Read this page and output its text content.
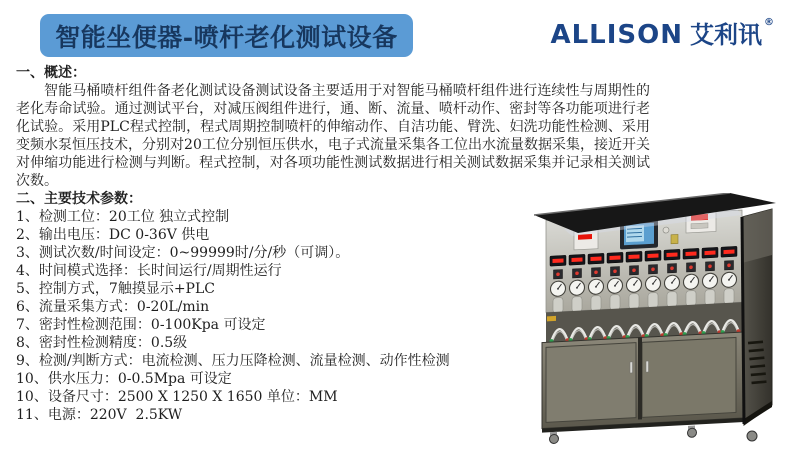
智能坐便器-喷杆老化测试设备	ALLISON 艾利讯 ®
一、概述：

智能马桶喷杆组件备老化测试设备测试设备主要适用于对智能马桶喷杆组件进行连续性与周期性的老化寿命试验。通过测试平台，对减压阀组件进行，通、断、流量、喷杆动作、密封等各功能项进行老化试验。采用PLC程式控制，程式周期控制喷杆的伸缩动作、自洁功能、臂洗、妇洗功能性检测、采用变频水泵恒压技术，分别对20工位分别恒压供水，电子式流量采集各工位出水流量数据采集，接近开关对伸缩功能进行检测与判断。程式控制，对各项功能性测试数据进行相关测试数据采集并记录相关测试次数。

二、主要技术参数：
1、检测工位：20工位 独立式控制
2、输出电压：DC 0-36V 供电
3、测试次数/时间设定：0~99999时/分/秒（可调）。
4、时间模式选择：长时间运行/周期性运行
5、控制方式，7触摸显示+PLC
6、流量采集方式：0-20L/min
7、密封性检测范围：0-100Kpa 可设定
8、密封性检测精度：0.5级
9、检测/判断方式：电流检测、压力压降检测、流量检测、动作性检测
10、供水压力：0-0.5Mpa 可设定
10、设备尺寸：2500 X 1250 X 1650 单位：MM
11、电源：220V  2.5KW
